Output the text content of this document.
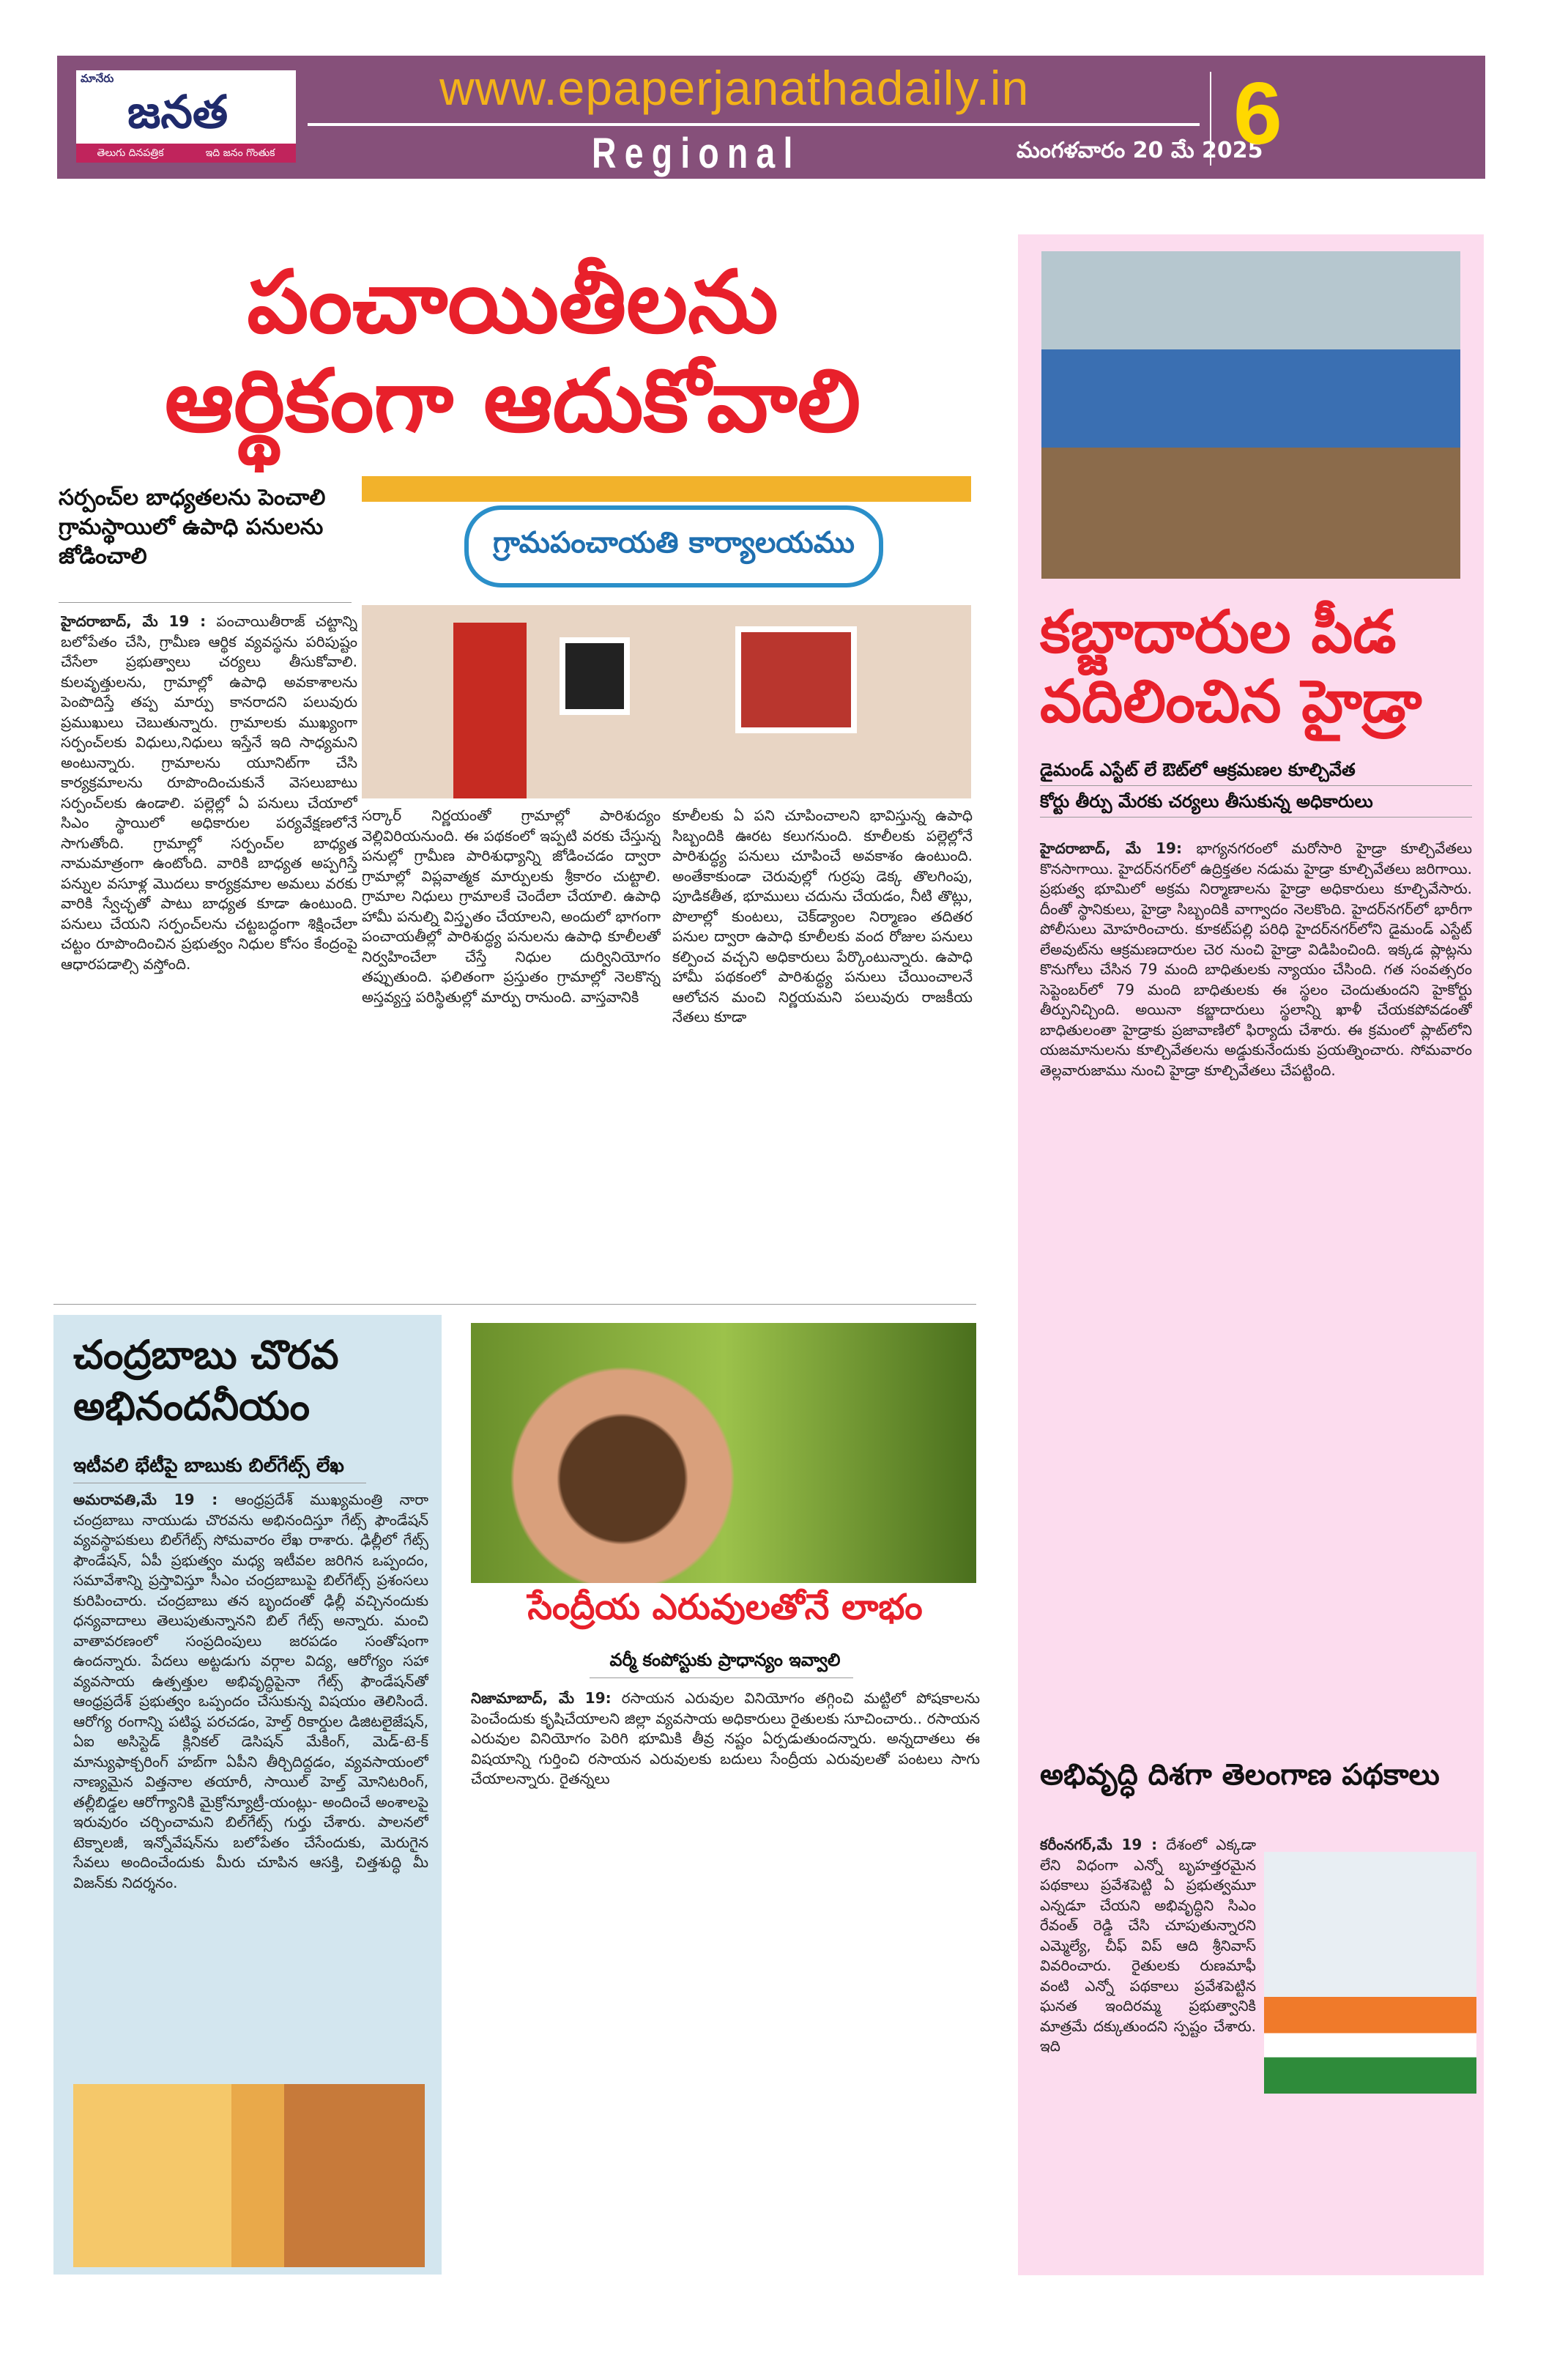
మానేరు
జనత
తెలుగు దినపత్రిక	ఇది జనం గొంతుక
www.epaperjanathadaily.in
Regional	మంగళవారం 20 మే 2025
6
పంచాయితీలను
ఆర్థికంగా ఆదుకోవాలి
సర్పంచ్‌ల బాధ్యతలను పెంచాలి గ్రామస్థాయిలో ఉపాధి పనులను జోడించాలి
హైదరాబాద్, మే 19 : పంచాయితీరాజ్ చట్టాన్ని బలోపేతం చేసి, గ్రామీణ ఆర్థిక వ్యవస్థను పరిపుష్టం చేసేలా ప్రభుత్వాలు చర్యలు తీసుకోవాలి. కులవృత్తులను, గ్రామాల్లో ఉపాధి అవకాశాలను పెంపొదిస్తే తప్ప మార్పు కానరాదని పలువురు ప్రముఖులు చెబుతున్నారు. గ్రామాలకు ముఖ్యంగా సర్పంచ్‌లకు విధులు,నిధులు ఇస్తేనే ఇది సాధ్యమని అంటున్నారు. గ్రామాలను యూనిట్‌గా చేసి కార్యక్రమాలను రూపొందించుకునే వెసలుబాటు సర్పంచ్‌లకు ఉండాలి. పల్లెల్లో ఏ పనులు చేయాలో సిఎం స్థాయిలో అధికారుల పర్యవేక్షణలోనే సాగుతోంది. గ్రామాల్లో సర్పంచ్‌ల బాధ్యత నామమాత్రంగా ఉంటోంది. వారికి బాధ్యత అప్పగిస్తే పన్నుల వసూళ్ల మొదలు కార్యక్రమాల అమలు వరకు వారికి స్వేచ్ఛతో పాటు బాధ్యత కూడా ఉంటుంది. పనులు చేయని సర్పంచ్‌లను చట్టబద్ధంగా శిక్షించేలా చట్టం రూపొందించిన ప్రభుత్వం నిధుల కోసం కేంద్రంపై ఆధారపడాల్సి వస్తోంది.
గ్రామపంచాయతి కార్యాలయము
సర్కార్ నిర్ణయంతో గ్రామాల్లో పారిశుద్యం వెల్లివిరియనుంది. ఈ పథకంలో ఇప్పటి వరకు చేస్తున్న పనుల్లో గ్రామీణ పారిశుధ్యాన్ని జోడించడం ద్వారా గ్రామాల్లో విప్లవాత్మక మార్పులకు శ్రీకారం చుట్టాలి. గ్రామాల నిధులు గ్రామాలకే చెందేలా చేయాలి. ఉపాధి హామీ పనుల్ని విస్తృతం చేయాలని, అందులో భాగంగా పంచాయతీల్లో పారిశుద్ధ్య పనులను ఉపాధి కూలీలతో నిర్వహించేలా చేస్తే నిధుల దుర్వినియోగం తప్పుతుంది. ఫలితంగా ప్రస్తుతం గ్రామాల్లో నెలకొన్న అస్తవ్యస్త పరిస్థితుల్లో మార్పు రానుంది. వాస్తవానికి
కూలీలకు ఏ పని చూపించాలని భావిస్తున్న ఉపాధి సిబ్బందికి ఊరట కలుగనుంది. కూలీలకు పల్లెల్లోనే పారిశుద్ధ్య పనులు చూపించే అవకాశం ఉంటుంది. అంతేకాకుండా చెరువుల్లో గుర్రపు డెక్క తొలగింపు, పూడికతీత, భూములు చదును చేయడం, నీటి తొట్లు, పొలాల్లో కుంటలు, చెక్‌డ్యాంల నిర్మాణం తదితర పనుల ద్వారా ఉపాధి కూలీలకు వంద రోజుల పనులు కల్పించ వచ్చని అధికారులు పేర్కొంటున్నారు. ఉపాధి హామీ పథకంలో పారిశుద్ధ్య పనులు చేయించాలనే ఆలోచన మంచి నిర్ణయమని పలువురు రాజకీయ నేతలు కూడా
కబ్జాదారుల పీడ
వదిలించిన హైడ్రా
డైమండ్ ఎస్టేట్ లే ఔట్‌లో ఆక్రమణల కూల్చివేత
కోర్టు తీర్పు మేరకు చర్యలు తీసుకున్న అధికారులు
హైదరాబాద్, మే 19: భాగ్యనగరంలో మరోసారి హైడ్రా కూల్చివేతలు కొనసాగాయి. హైదర్‌నగర్‌లో ఉద్రిక్తతల నడుమ హైడ్రా కూల్చివేతలు జరిగాయి. ప్రభుత్వ భూమిలో అక్రమ నిర్మాణాలను హైడ్రా అధికారులు కూల్చివేసారు. దీంతో స్థానికులు, హైడ్రా సిబ్బందికి వాగ్వాదం నెలకొంది. హైదర్‌నగర్‌లో భారీగా పోలీసులు మోహరించారు. కూకట్‌పల్లి పరిధి హైదర్‌నగర్‌లోని డైమండ్ ఎస్టేట్ లేఅవుట్‌ను ఆక్రమణదారుల చెర నుంచి హైడ్రా విడిపించింది. ఇక్కడ ప్లాట్లను కొనుగోలు చేసిన 79 మంది బాధితులకు న్యాయం చేసింది. గత సంవత్సరం సెప్టెంబర్‌లో 79 మంది బాధితులకు ఈ స్థలం చెందుతుందని హైకోర్టు తీర్పునిచ్చింది. అయినా కబ్జాదారులు స్థలాన్ని ఖాళీ చేయకపోవడంతో బాధితులంతా హైడ్రాకు ప్రజావాణిలో ఫిర్యాదు చేశారు. ఈ క్రమంలో ప్లాట్‌లోని యజమానులను కూల్చివేతలను అడ్డుకునేందుకు ప్రయత్నించారు. సోమవారం తెల్లవారుజాము నుంచి హైడ్రా కూల్చివేతలు చేపట్టింది.
అభివృద్ధి దిశగా తెలంగాణ పథకాలు
కరీంనగర్,మే 19 : దేశంలో ఎక్కడా లేని విధంగా ఎన్నో బృహత్తరమైన పథకాలు ప్రవేశపెట్టి ఏ ప్రభుత్వమూ ఎన్నడూ చేయని అభివృద్ధిని సిఎం రేవంత్ రెడ్డి చేసి చూపుతున్నారని ఎమ్మెల్యే, చీఫ్ విప్ ఆది శ్రీనివాస్ వివరించారు. రైతులకు రుణమాఫీ వంటి ఎన్నో పథకాలు ప్రవేశపెట్టిన ఘనత ఇందిరమ్మ ప్రభుత్వానికి మాత్రమే దక్కుతుందని స్పష్టం చేశారు. ఇది
చంద్రబాబు చొరవ అభినందనీయం
ఇటీవలి భేటీపై బాబుకు బిల్‌గేట్స్ లేఖ
అమరావతి,మే 19 : ఆంధ్రప్రదేశ్ ముఖ్యమంత్రి నారా చంద్రబాబు నాయుడు చొరవను అభినందిస్తూ గేట్స్ ఫౌండేషన్ వ్యవస్థాపకులు బిల్‌గేట్స్ సోమవారం లేఖ రాశారు. ఢిల్లీలో గేట్స్ ఫౌండేషన్, ఏపీ ప్రభుత్వం మధ్య ఇటీవల జరిగిన ఒప్పందం, సమావేశాన్ని ప్రస్తావిస్తూ సీఎం చంద్రబాబుపై బిల్‌గేట్స్ ప్రశంసలు కురిపించారు. చంద్రబాబు తన బృందంతో ఢిల్లీ వచ్చినందుకు ధన్యవాదాలు తెలుపుతున్నానని బిల్ గేట్స్ అన్నారు. మంచి వాతావరణంలో సంప్రదింపులు జరపడం సంతోషంగా ఉందన్నారు. పేదలు అట్టడుగు వర్గాల విద్య, ఆరోగ్యం సహా వ్యవసాయ ఉత్పత్తుల అభివృద్ధిపైనా గేట్స్ ఫౌండేషన్‌తో ఆంధ్రప్రదేశ్ ప్రభుత్వం ఒప్పందం చేసుకున్న విషయం తెలిసిందే. ఆరోగ్య రంగాన్ని పటిష్ఠ పరచడం, హెల్త్ రికార్డుల డిజిటలైజేషన్, ఏఐ అసిస్టెడ్ క్లినికల్ డెసిషన్ మేకింగ్, మెడ్-టె-క్ మాన్యుఫాక్చరింగ్ హబ్‌గా ఏపీని తీర్చిదిద్దడం, వ్యవసాయంలో నాణ్యమైన విత్తనాల తయారీ, సాయిల్ హెల్త్ మోనిటరింగ్, తల్లీబిడ్డల ఆరోగ్యానికి మైక్రోన్యూట్రీ-యంట్లు- అందించే అంశాలపై ఇరువురం చర్చించామని బిల్‌గేట్స్ గుర్తు చేశారు. పాలనలో టెక్నాలజీ, ఇన్నోవేషన్‌ను బలోపేతం చేసేందుకు, మెరుగైన సేవలు అందించేందుకు మీరు చూపిన ఆసక్తి, చిత్తశుద్ధి మీ విజన్‌కు నిదర్శనం.
సేంద్రీయ ఎరువులతోనే లాభం
వర్మీ కంపోస్టుకు ప్రాధాన్యం ఇవ్వాలి
నిజామాబాద్, మే 19: రసాయన ఎరువుల వినియోగం తగ్గించి మట్టిలో పోషకాలను పెంచేందుకు కృషిచేయాలని జిల్లా వ్యవసాయ అధికారులు రైతులకు సూచించారు.. రసాయన ఎరువుల వినియోగం పెరిగి భూమికి తీవ్ర నష్టం ఏర్పడుతుందన్నారు. అన్నదాతలు ఈ విషయాన్ని గుర్తించి రసాయన ఎరువులకు బదులు సేంద్రీయ ఎరువులతో పంటలు సాగు చేయాలన్నారు. రైతన్నలు
